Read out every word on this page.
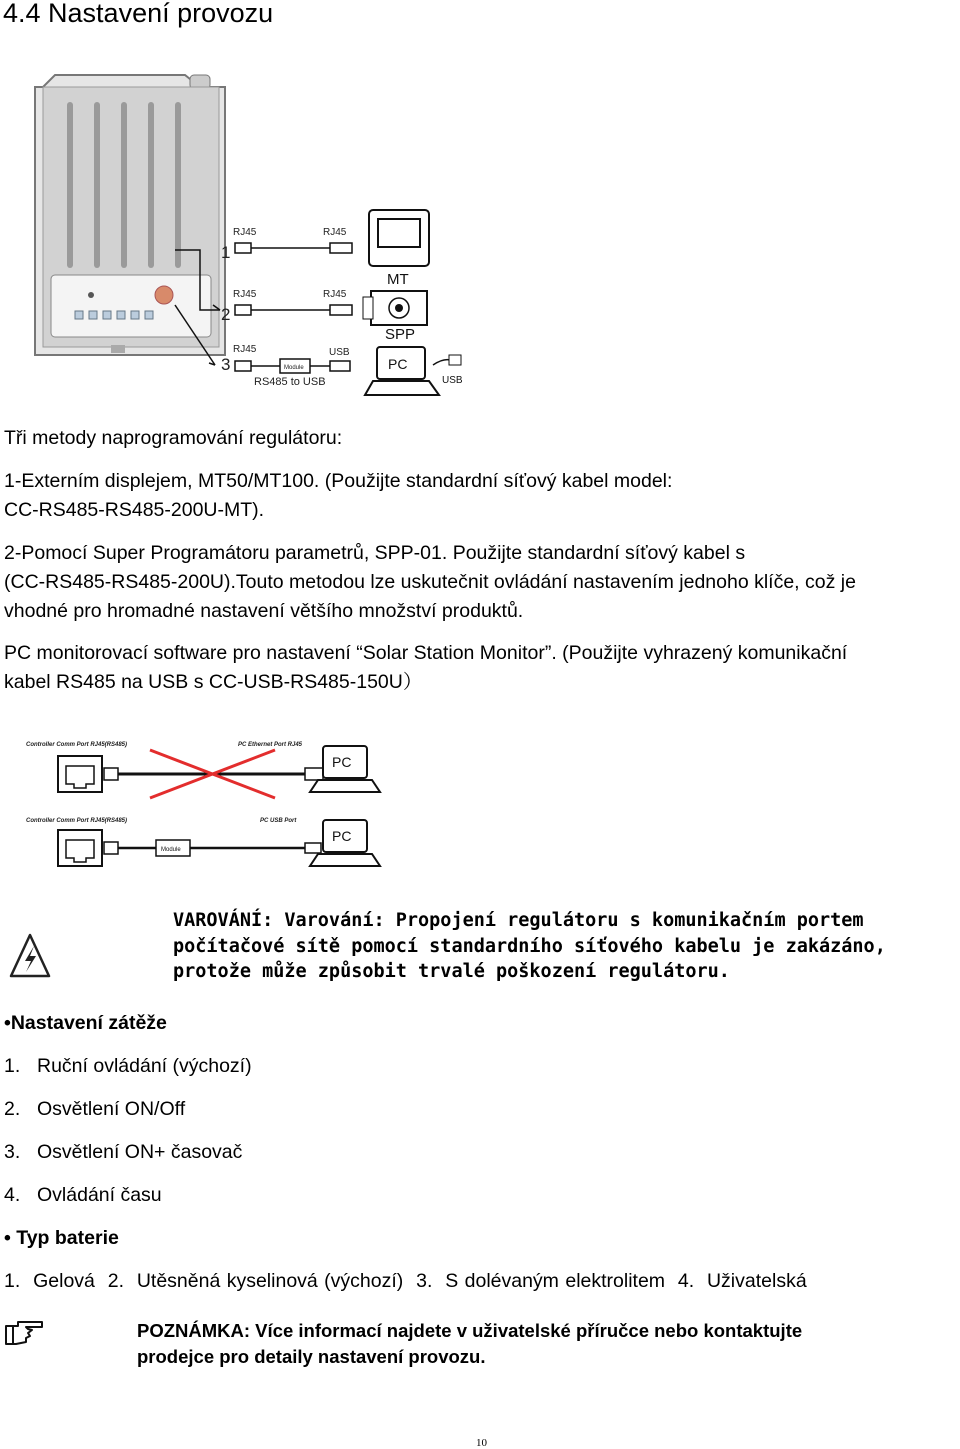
4.4 Nastavení provozu
RJ45	RJ45
RJ45	RJ45
RJ45	USB
RS485 to USB
1
2
3	Module
MT
SPP
PC
USB
Tři metody naprogramování regulátoru:
1-Externím displejem, MT50/MT100. (Použijte standardní síťový kabel model:
CC-RS485-RS485-200U-MT).
2-Pomocí Super Programátoru parametrů, SPP-01. Použijte standardní síťový kabel s
(CC-RS485-RS485-200U).Touto metodou lze uskutečnit ovládání nastavením jednoho klíče, což je
vhodné pro hromadné nastavení většího množství produktů.
PC monitorovací software pro nastavení “Solar Station Monitor”. (Použijte vyhrazený komunikační
kabel RS485 na USB s CC-USB-RS485-150U）
Controller Comm Port RJ45(RS485)	PC Ethernet Port RJ45
Controller Comm Port RJ45(RS485)	PC USB Port
PC
Module
PC
VAROVÁNÍ: Varování: Propojení regulátoru s komunikačním portem
počítačové sítě pomocí standardního síťového kabelu je zakázáno,
protože může způsobit trvalé poškození regulátoru.
•Nastavení zátěže
1. Ruční ovládání (výchozí)
2. Osvětlení ON/Off
3. Osvětlení ON+ časovač
4. Ovládání času
• Typ baterie
1.  Gelová  2.  Utěsněná kyselinová (výchozí)  3.  S dolévaným elektrolitem  4.  Uživatelská
POZNÁMKA: Více informací najdete v uživatelské příručce nebo kontaktujte
prodejce pro detaily nastavení provozu.
10
